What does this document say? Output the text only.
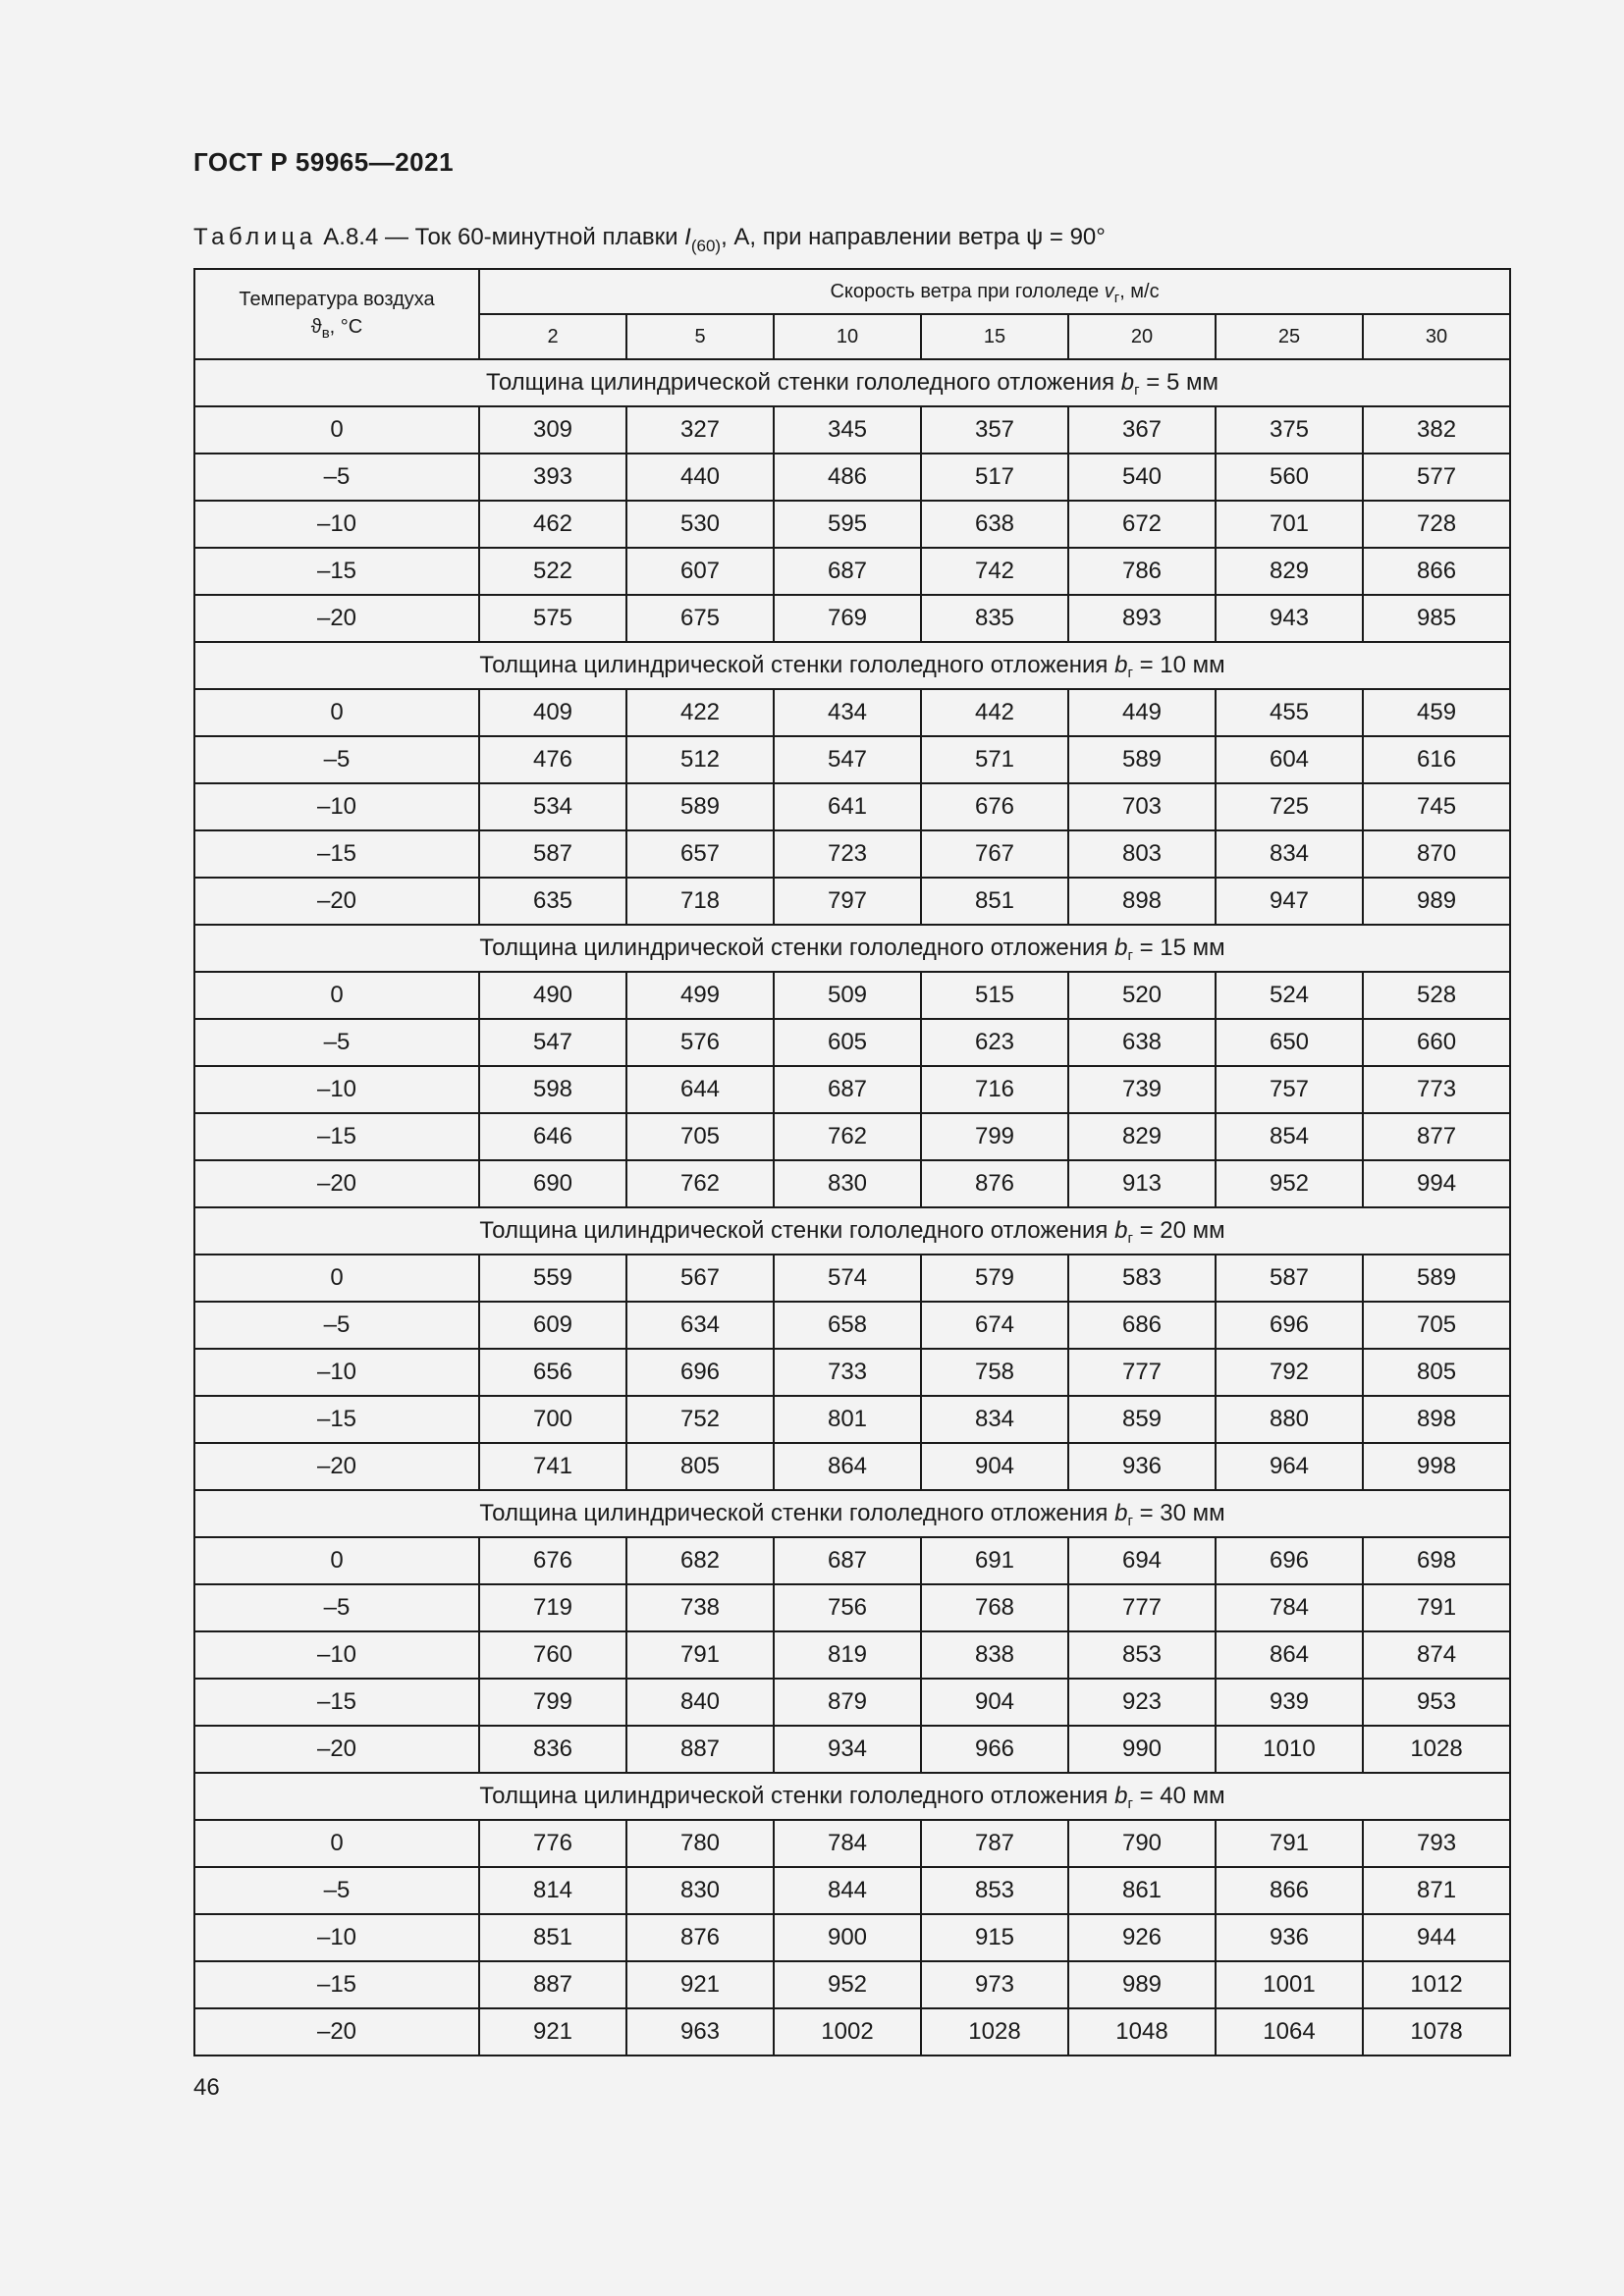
ГОСТ Р 59965—2021
Таблица А.8.4 — Ток 60-минутной плавки $I_{(60)}$, А, при направлении ветра ψ = 90°
Температура воздуха
$ϑ_в$, °С	Скорость ветра при гололеде $v_г$, м/с						
	2	5	10	15	20	25	30
Толщина цилиндрической стенки гололедного отложения $b_г = 5$ мм							
0	309	327	345	357	367	375	382
–5	393	440	486	517	540	560	577
–10	462	530	595	638	672	701	728
–15	522	607	687	742	786	829	866
–20	575	675	769	835	893	943	985
Толщина цилиндрической стенки гололедного отложения $b_г = 10$ мм							
0	409	422	434	442	449	455	459
–5	476	512	547	571	589	604	616
–10	534	589	641	676	703	725	745
–15	587	657	723	767	803	834	870
–20	635	718	797	851	898	947	989
Толщина цилиндрической стенки гололедного отложения $b_г = 15$ мм							
0	490	499	509	515	520	524	528
–5	547	576	605	623	638	650	660
–10	598	644	687	716	739	757	773
–15	646	705	762	799	829	854	877
–20	690	762	830	876	913	952	994
Толщина цилиндрической стенки гололедного отложения $b_г = 20$ мм							
0	559	567	574	579	583	587	589
–5	609	634	658	674	686	696	705
–10	656	696	733	758	777	792	805
–15	700	752	801	834	859	880	898
–20	741	805	864	904	936	964	998
Толщина цилиндрической стенки гололедного отложения $b_г = 30$ мм							
0	676	682	687	691	694	696	698
–5	719	738	756	768	777	784	791
–10	760	791	819	838	853	864	874
–15	799	840	879	904	923	939	953
–20	836	887	934	966	990	1010	1028
Толщина цилиндрической стенки гололедного отложения $b_г = 40$ мм							
0	776	780	784	787	790	791	793
–5	814	830	844	853	861	866	871
–10	851	876	900	915	926	936	944
–15	887	921	952	973	989	1001	1012
–20	921	963	1002	1028	1048	1064	1078
46
